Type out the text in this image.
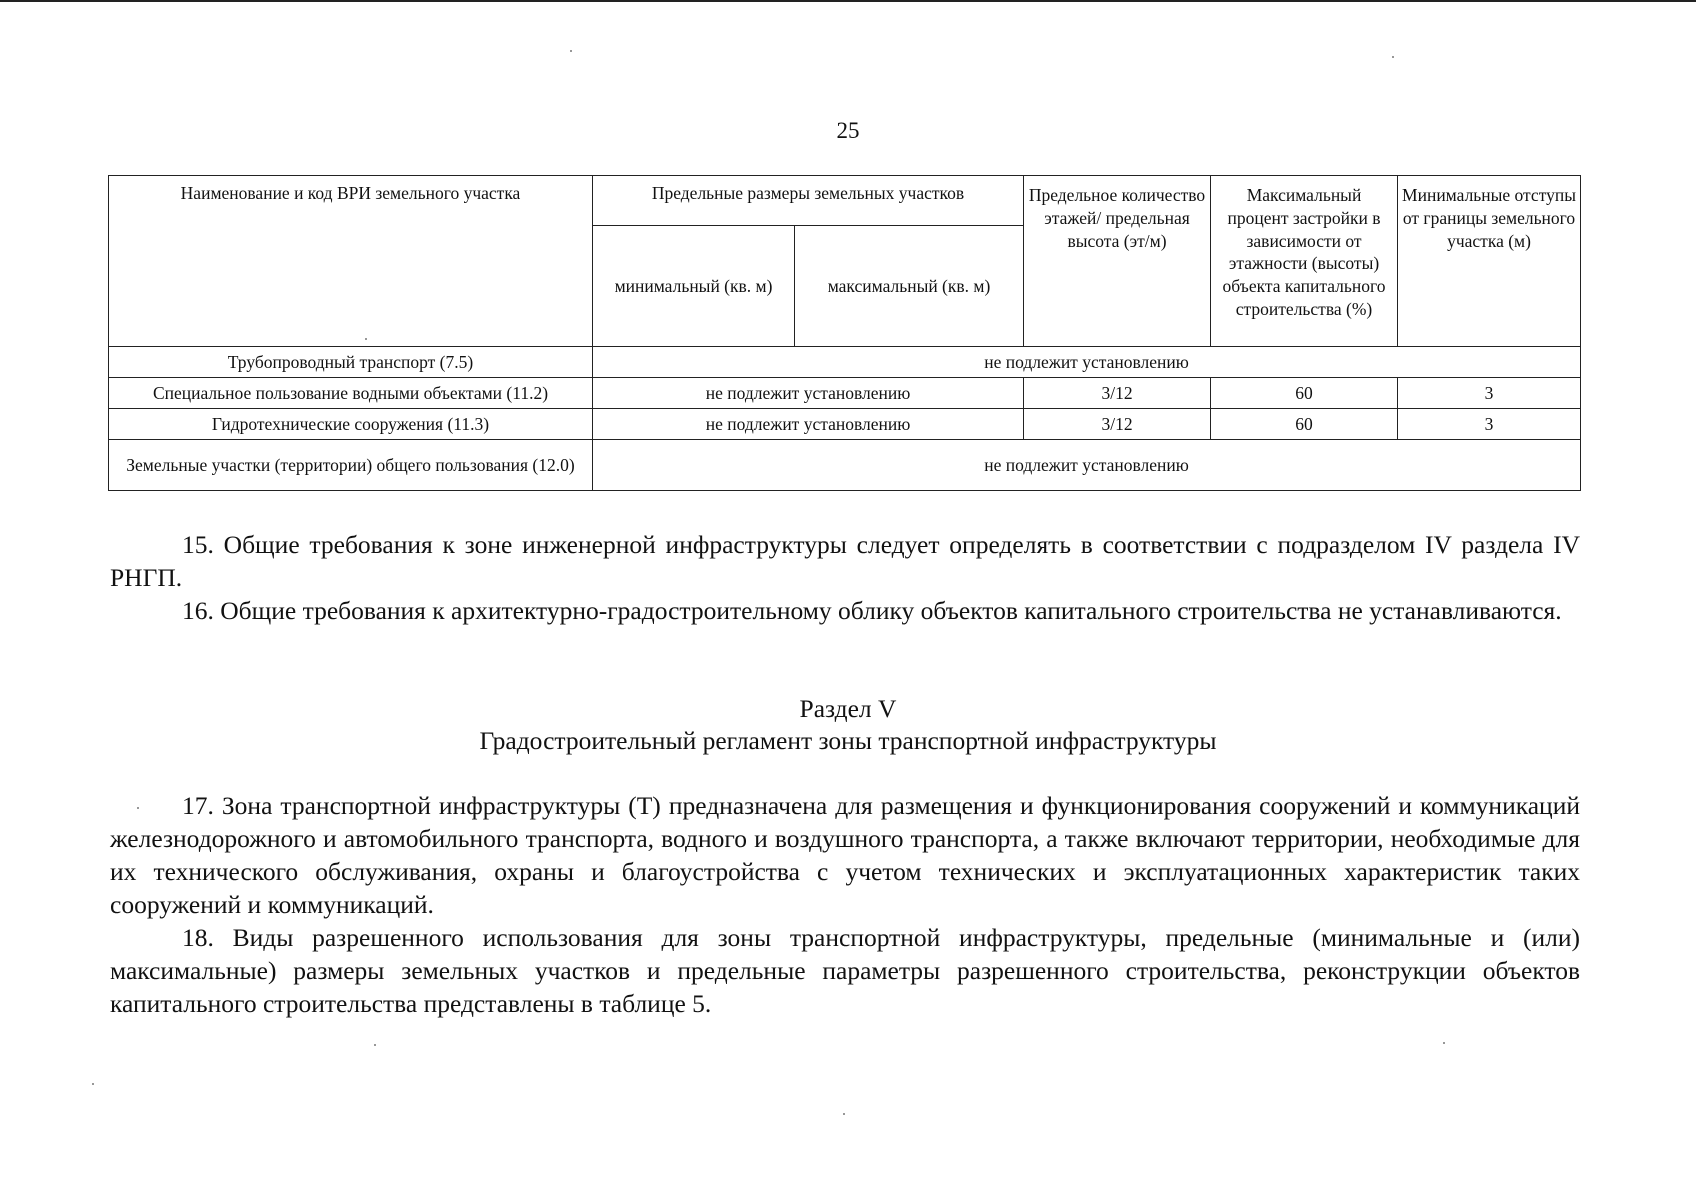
25
Наименование и код ВРИ земельного участка	Предельные размеры земельных участков		Предельное количество этажей/ предельная высота (эт/м)	Максимальный процент застройки в зависимости от этажности (высоты) объекта капитального строительства (%)	Минимальные отступы от границы земельного участка (м)
	минимальный (кв. м)	максимальный (кв. м)			
Трубопроводный транспорт (7.5)	не подлежит установлению				
Специальное пользование водными объектами (11.2)	не подлежит установлению		3/12	60	3
Гидротехнические сооружения (11.3)	не подлежит установлению		3/12	60	3
Земельные участки (территории) общего пользования (12.0)	не подлежит установлению				

15. Общие требования к зоне инженерной инфраструктуры следует определять в соответствии с подразделом IV раздела IV РНГП.

16. Общие требования к архитектурно-градостроительному облику объектов капитального строительства не устанавливаются.

Раздел V
Градостроительный регламент зоны транспортной инфраструктуры

17. Зона транспортной инфраструктуры (Т) предназначена для размещения и функционирования сооружений и коммуникаций железнодорожного и автомобильного транспорта, водного и воздушного транспорта, а также включают территории, необходимые для их технического обслуживания, охраны и благоустройства с учетом технических и эксплуатационных характеристик таких сооружений и коммуникаций.

18. Виды разрешенного использования для зоны транспортной инфраструктуры, предельные (минимальные и (или) максимальные) размеры земельных участков и предельные параметры разрешенного строительства, реконструкции объектов капитального строительства представлены в таблице 5.
